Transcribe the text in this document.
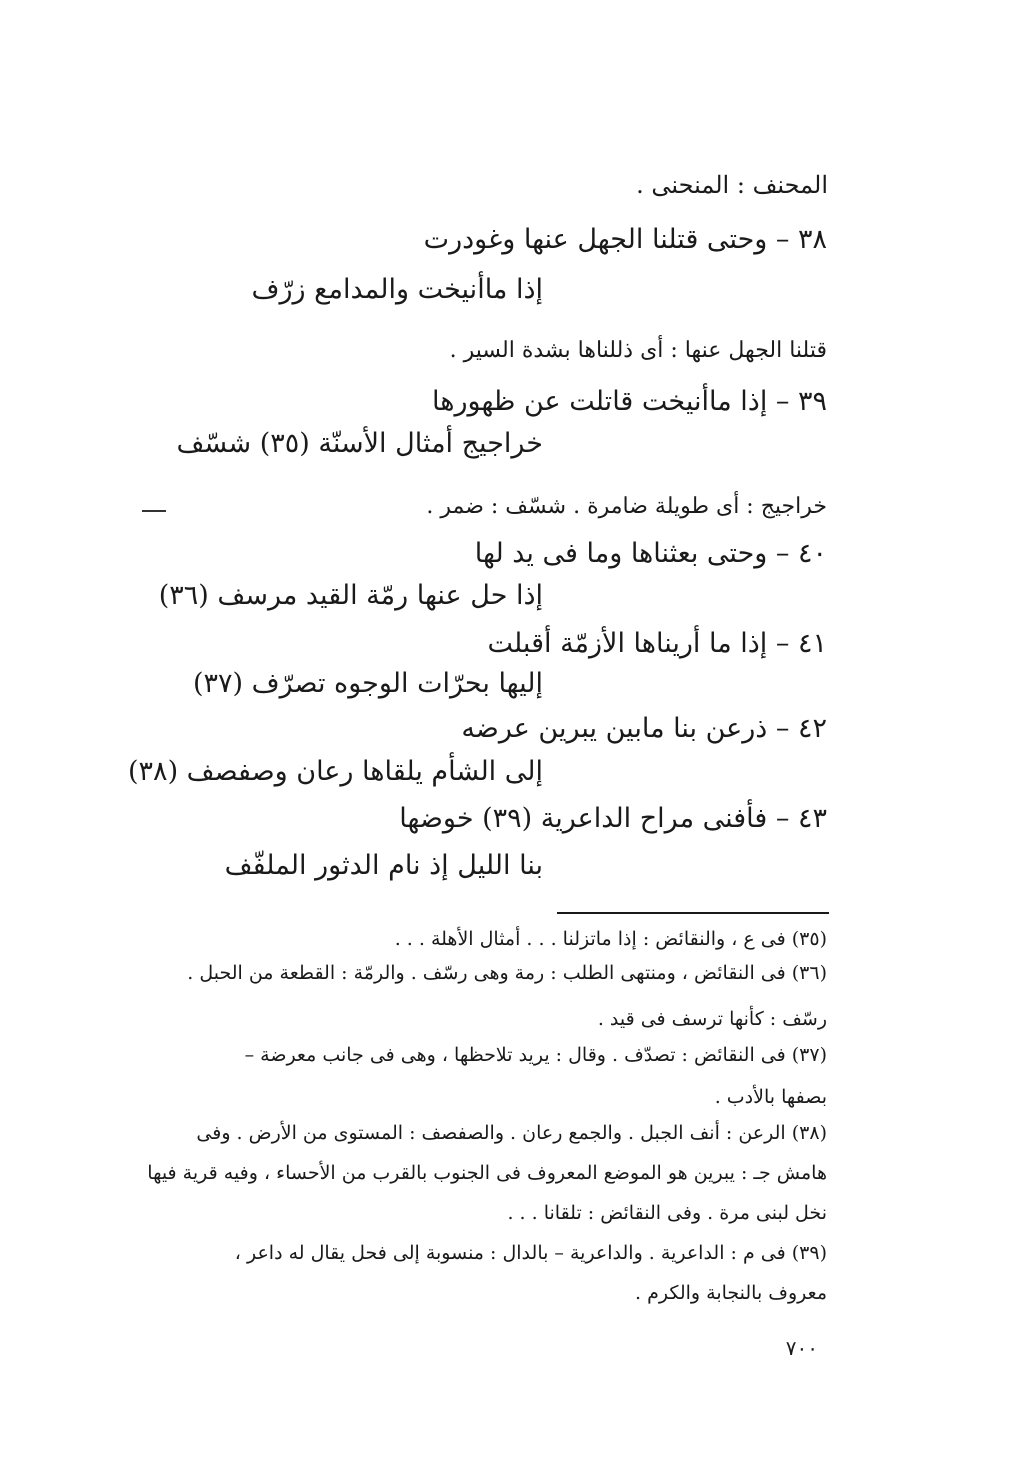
المحنف : المنحنى .
٣٨ – وحتى قتلنا الجهل عنها وغودرت
إذا ماأنيخت والمدامع زرّف
قتلنا الجهل عنها : أى ذللناها بشدة السير .
٣٩ – إذا ماأنيخت قاتلت عن ظهورها
خراجيج أمثال الأسنّة (٣٥) شسّف
خراجيج : أى طويلة ضامرة . شسّف : ضمر .
٤٠ – وحتى بعثناها وما فى يد لها
إذا حل عنها رمّة القيد مرسف (٣٦)
٤١ – إذا ما أريناها الأزمّة أقبلت
إليها بحرّات الوجوه تصرّف (٣٧)
٤٢ – ذرعن بنا مابين يبرين عرضه
إلى الشأم يلقاها رعان وصفصف (٣٨)
٤٣ – فأفنى مراح الداعرية (٣٩) خوضها
بنا الليل إذ نام الدثور الملفّف
(٣٥) فى ع ، والنقائض : إذا ماتزلنا . . . أمثال الأهلة . . .
(٣٦) فى النقائض ، ومنتهى الطلب : رمة وهى رسّف . والرمّة : القطعة من الحبل .
رسّف : كأنها ترسف فى قيد .
(٣٧) فى النقائض : تصدّف . وقال : يريد تلاحظها ، وهى فى جانب معرضة –
بصفها بالأدب .
(٣٨) الرعن : أنف الجبل . والجمع رعان . والصفصف : المستوى من الأرض . وفى
هامش جـ : يبرين هو الموضع المعروف فى الجنوب بالقرب من الأحساء ، وفيه قرية فيها
نخل لبنى مرة . وفى النقائض : تلقانا . . .
(٣٩) فى م : الداعرية . والداعرية – بالدال : منسوبة إلى فحل يقال له داعر ،
معروف بالنجابة والكرم .
٧٠٠
